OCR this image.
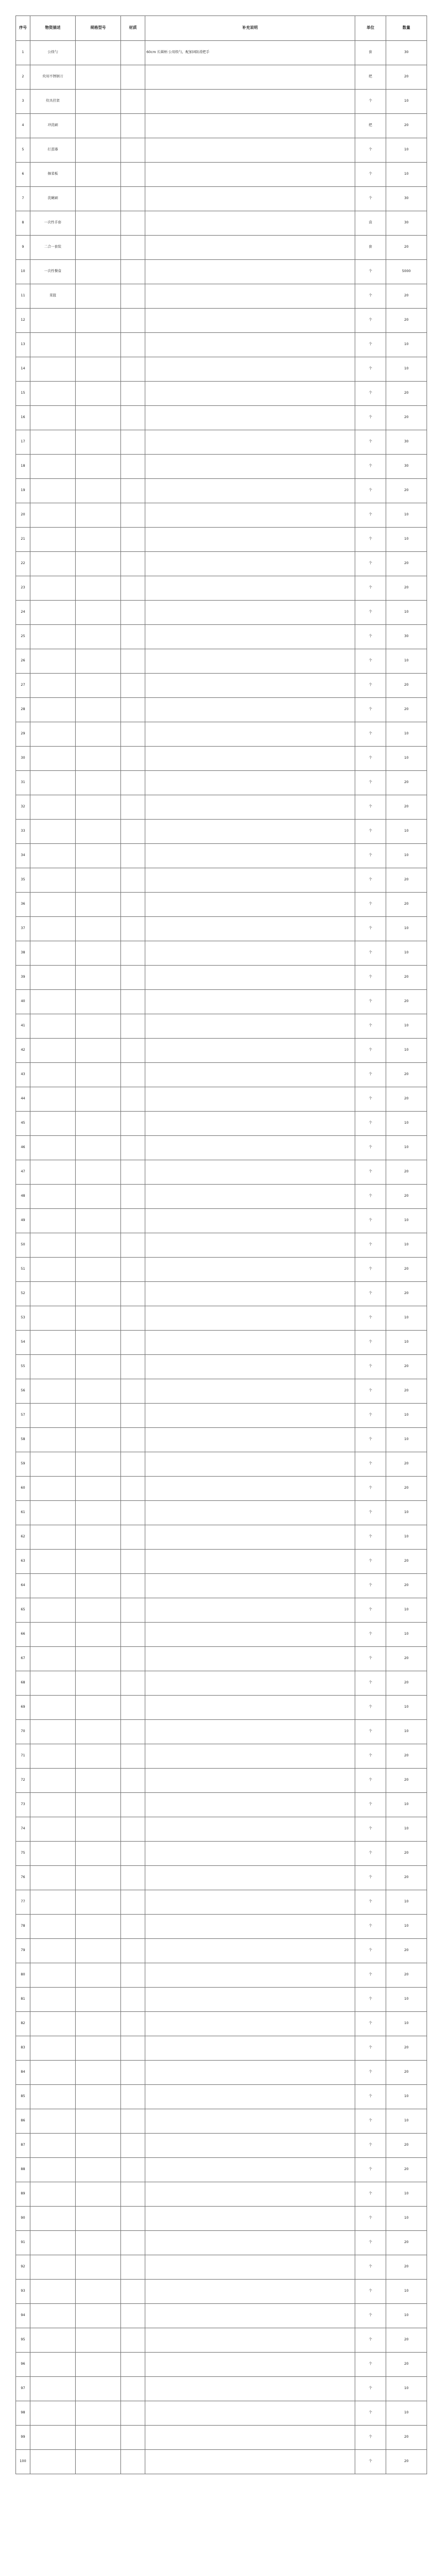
序号	物资描述	规格型号	材质	补充说明	单位	数量
1	公筷勺			60cm 长圆柄 公用筷勺，配加固防滑把手	套	30
2	炊用不锈钢刀				把	20
3	炊具挂架				个	10
4	冲洗刷				把	20
5	打蛋器				个	10
6	擦菜板				个	10
7	洗碗刷				个	30
8	一次性手套				盒	30
9	二合一套装				套	20
10	一次性餐盒				个	5000
11	菜篮				个	20
12					个	20
13					个	10
14					个	10
15					个	20
16					个	20
17					个	30
18					个	30
19					个	20
20					个	10
21					个	10
22					个	20
23					个	20
24					个	10
25					个	30
26					个	10
27					个	20
28					个	20
29					个	10
30					个	10
31					个	20
32					个	20
33					个	10
34					个	10
35					个	20
36					个	20
37					个	10
38					个	10
39					个	20
40					个	20
41					个	10
42					个	10
43					个	20
44					个	20
45					个	10
46					个	10
47					个	20
48					个	20
49					个	10
50					个	10
51					个	20
52					个	20
53					个	10
54					个	10
55					个	20
56					个	20
57					个	10
58					个	10
59					个	20
60					个	20
61					个	10
62					个	10
63					个	20
64					个	20
65					个	10
66					个	10
67					个	20
68					个	20
69					个	10
70					个	10
71					个	20
72					个	20
73					个	10
74					个	10
75					个	20
76					个	20
77					个	10
78					个	10
79					个	20
80					个	20
81					个	10
82					个	10
83					个	20
84					个	20
85					个	10
86					个	10
87					个	20
88					个	20
89					个	10
90					个	10
91					个	20
92					个	20
93					个	10
94					个	10
95					个	20
96					个	20
97					个	10
98					个	10
99					个	20
100					个	20
